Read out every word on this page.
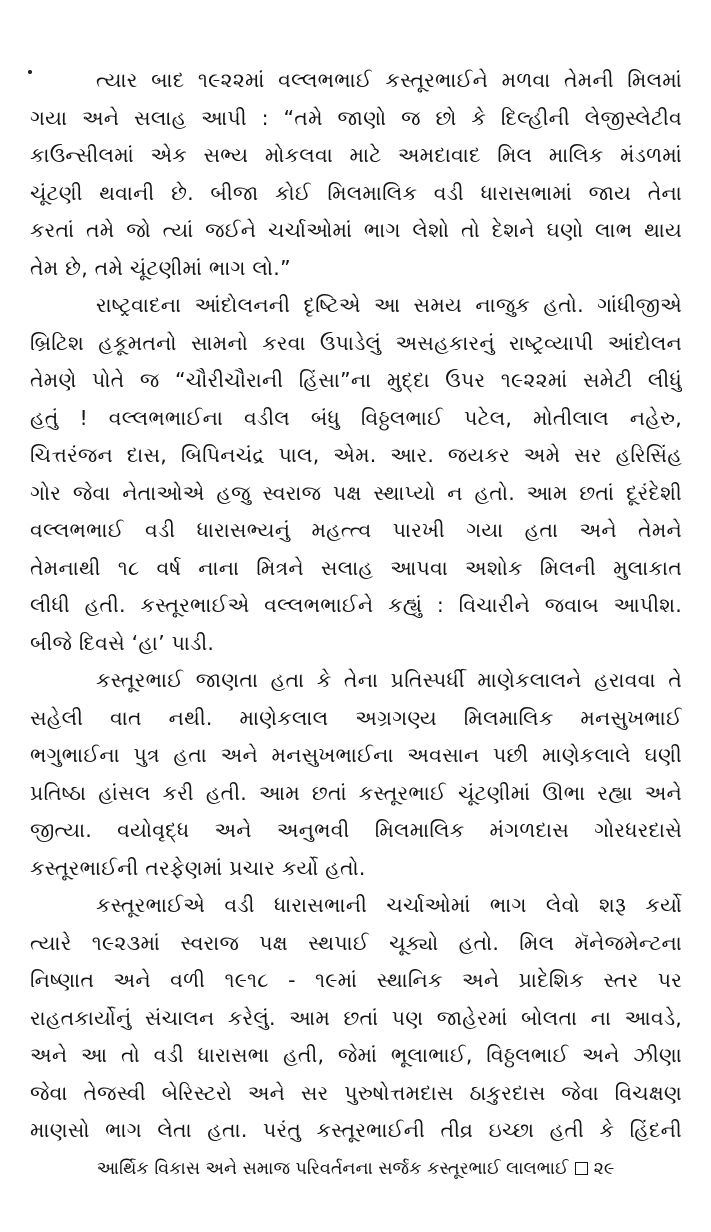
ત્યાર બાદ ૧૯૨૨માં વલ્લભભાઈ કસ્તૂરભાઈને મળવા તેમની મિલમાં
ગયા અને સલાહ આપી : “તમે જાણો જ છો કે દિલ્હીની લેજીસ્લેટીવ
કાઉન્સીલમાં એક સભ્ય મોકલવા માટે અમદાવાદ મિલ માલિક મંડળમાં
ચૂંટણી થવાની છે. બીજા કોઈ મિલમાલિક વડી ધારાસભામાં જાય તેના
કરતાં તમે જો ત્યાં જઈને ચર્ચાઓમાં ભાગ લેશો તો દેશને ઘણો લાભ થાય
તેમ છે, તમે ચૂંટણીમાં ભાગ લો.”
રાષ્ટ્રવાદના આંદોલનની દૃષ્ટિએ આ સમય નાજુક હતો. ગાંધીજીએ
બ્રિટિશ હકૂમતનો સામનો કરવા ઉપાડેલું અસહકારનું રાષ્ટ્રવ્યાપી આંદોલન
તેમણે પોતે જ “ચૌરીચૌરાની હિંસા”ના મુદ્દા ઉપર ૧૯૨૨માં સમેટી લીધું
હતું ! વલ્લભભાઈના વડીલ બંધુ વિઠ્ઠલભાઈ પટેલ, મોતીલાલ નહેરુ,
ચિત્તરંજન દાસ, બિપિનચંદ્ર પાલ, એમ. આર. જયકર અમે સર હરિસિંહ
ગોર જેવા નેતાઓએ હજુ સ્વરાજ પક્ષ સ્થાપ્યો ન હતો. આમ છતાં દૂરંદેશી
વલ્લભભાઈ વડી ધારાસભ્યનું મહત્ત્વ પારખી ગયા હતા અને તેમને
તેમનાથી ૧૮ વર્ષ નાના મિત્રને સલાહ આપવા અશોક મિલની મુલાકાત
લીધી હતી. કસ્તૂરભાઈએ વલ્લભભાઈને કહ્યું : વિચારીને જવાબ આપીશ.
બીજે દિવસે ‘હા’ પાડી.
કસ્તૂરભાઈ જાણતા હતા કે તેના પ્રતિસ્પર્ધી માણેકલાલને હરાવવા તે
સહેલી વાત નથી. માણેકલાલ અગ્રગણ્ય મિલમાલિક મનસુખભાઈ
ભગુભાઈના પુત્ર હતા અને મનસુખભાઈના અવસાન પછી માણેકલાલે ઘણી
પ્રતિષ્ઠા હાંસલ કરી હતી. આમ છતાં કસ્તૂરભાઈ ચૂંટણીમાં ઊભા રહ્યા અને
જીત્યા. વયોવૃદ્ધ અને અનુભવી મિલમાલિક મંગળદાસ ગોરધરદાસે
કસ્તૂરભાઈની તરફેણમાં પ્રચાર કર્યો હતો.
કસ્તૂરભાઈએ વડી ધારાસભાની ચર્ચાઓમાં ભાગ લેવો શરૂ કર્યો
ત્યારે ૧૯૨૩માં સ્વરાજ પક્ષ સ્થપાઈ ચૂક્યો હતો. મિલ મૅનેજમેન્ટના
નિષ્ણાત અને વળી ૧૯૧૮ - ૧૯માં સ્થાનિક અને પ્રાદેશિક સ્તર પર
રાહતકાર્યોનું સંચાલન કરેલું. આમ છતાં પણ જાહેરમાં બોલતા ના આવડે,
અને આ તો વડી ધારાસભા હતી, જેમાં ભૂલાભાઈ, વિઠ્ઠલભાઈ અને ઝીણા
જેવા તેજસ્વી બેરિસ્ટરો અને સર પુરુષોત્તમદાસ ઠાકુરદાસ જેવા વિચક્ષણ
માણસો ભાગ લેતા હતા. પરંતુ કસ્તૂરભાઈની તીવ્ર ઇચ્છા હતી કે હિંદની
આર્થિક વિકાસ અને સમાજ પરિવર્તનના સર્જક કસ્તૂરભાઈ લાલભાઈ ૨૯
